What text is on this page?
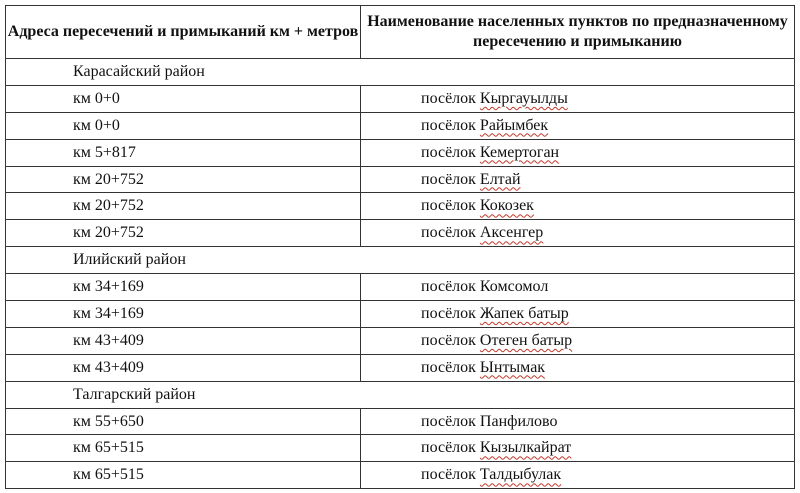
Адреса пересечений и примыканий км + метров	Наименование населенных пунктов по предназначенному пересечению и примыканию
Карасайский район	
км 0+0	посёлок Кыргауылды
км 0+0	посёлок Райымбек
км 5+817	посёлок Кемертоган
км 20+752	посёлок Елтай
км 20+752	посёлок Кокозек
км 20+752	посёлок Аксенгер
Илийский район	
км 34+169	посёлок Комсомол
км 34+169	посёлок Жапек батыр
км 43+409	посёлок Отеген батыр
км 43+409	посёлок Ынтымак
Талгарский район	
км 55+650	посёлок Панфилово
км 65+515	посёлок Кызылкайрат
км 65+515	посёлок Талдыбулак
